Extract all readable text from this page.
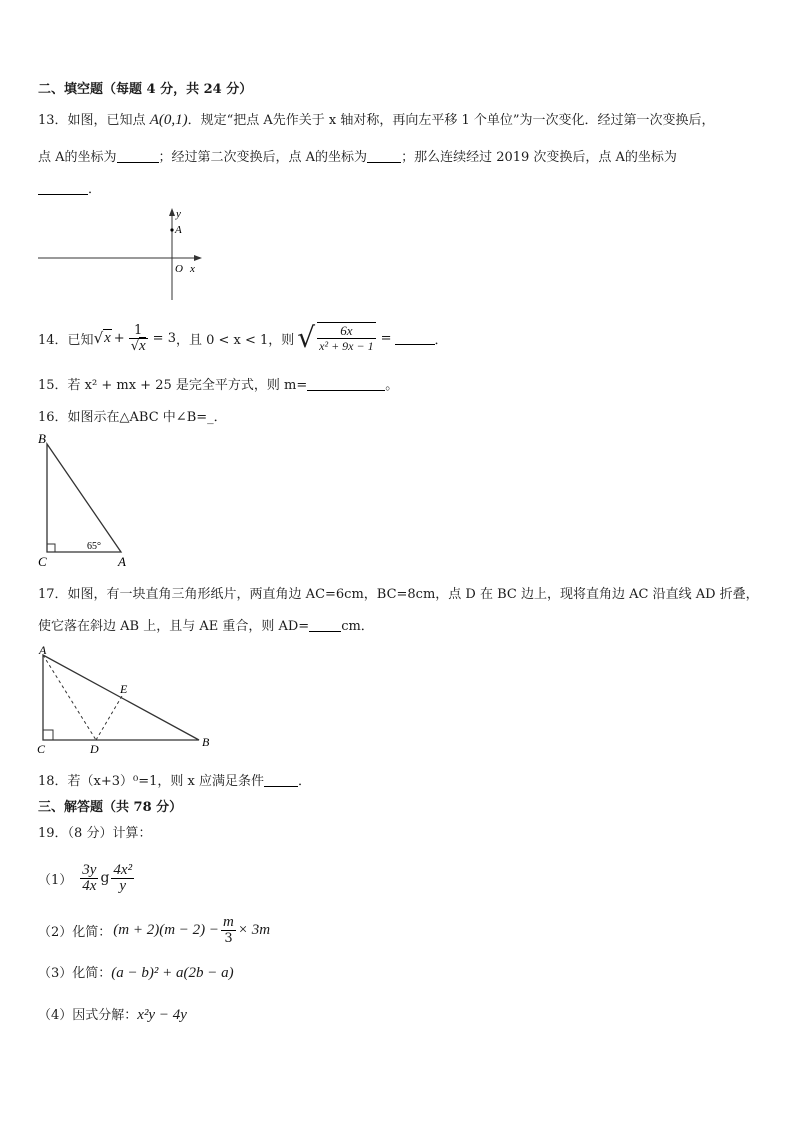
二、填空题（每题 4 分，共 24 分）
13．如图，已知点 A(0,1)．规定“把点 A先作关于 x 轴对称，再向左平移 1 个单位”为一次变化．经过第一次变换后，
点 A的坐标为	；经过第二次变换后，点 A的坐标为	；那么连续经过 2019 次变换后，点 A的坐标为
．
y
A
O x
14． 已知 √ $x + \frac{1}{√x} = 3$ ，且 0 < x < 1，则 √ $\frac{6x}{\text{x² + 9x − 1}}$ =	．
15．若 x² + mx + 25 是完全平方式，则 m=	。
16．如图示在△ABC 中∠B=_．
B
C	A
65°
17．如图，有一块直角三角形纸片，两直角边 AC=6cm，BC=8cm，点 D 在 BC 边上，现将直角边 AC 沿直线 AD 折叠，
使它落在斜边 AB 上，且与 AE 重合，则 AD= cm．
A
E
C	D	B
18．若（x+3）⁰=1，则 x 应满足条件	．
三、解答题（共 78 分）
19．（8 分）计算：
$(1) \frac{3y}{4x}$ g $\frac{\text{4x²}}{y}$
（2）化简： $(m + 2)(m - 2) - \frac{m}{3} \times 3m$
（3）化简：(a − b)² + a(2b − a)
（4）因式分解：x²y − 4y
